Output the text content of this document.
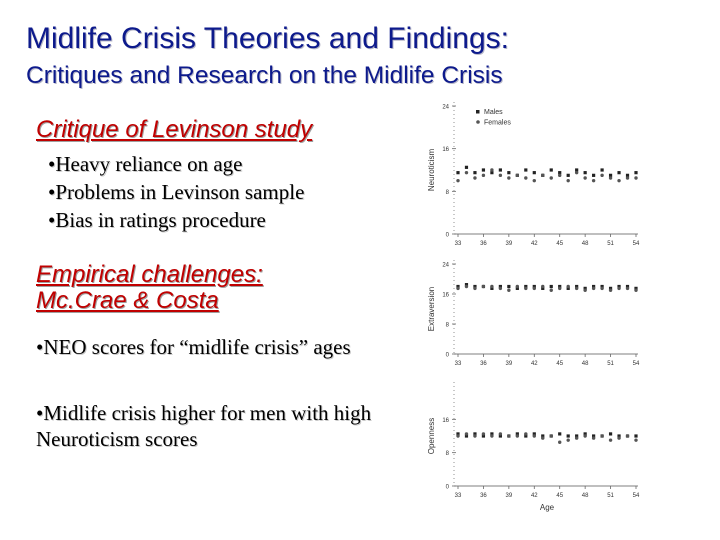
Midlife Crisis Theories and Findings:
Critiques and Research on the Midlife Crisis
Critique of Levinson study
•Heavy reliance on age
•Problems in Levinson sample
•Bias in ratings procedure
Empirical challenges:
Mc.Crae & Costa
•NEO scores for “midlife crisis” ages
•Midlife crisis higher for men with high Neuroticism scores
Neuroticism
0
8
16
24
33	36	39	42	45	48	51	54
Males
Females
Extraversion
0
8
16
24
33	36	39	42	45	48	51	54
Openness
0
8
16
33	36	39	42	45	48	51	54
Age
